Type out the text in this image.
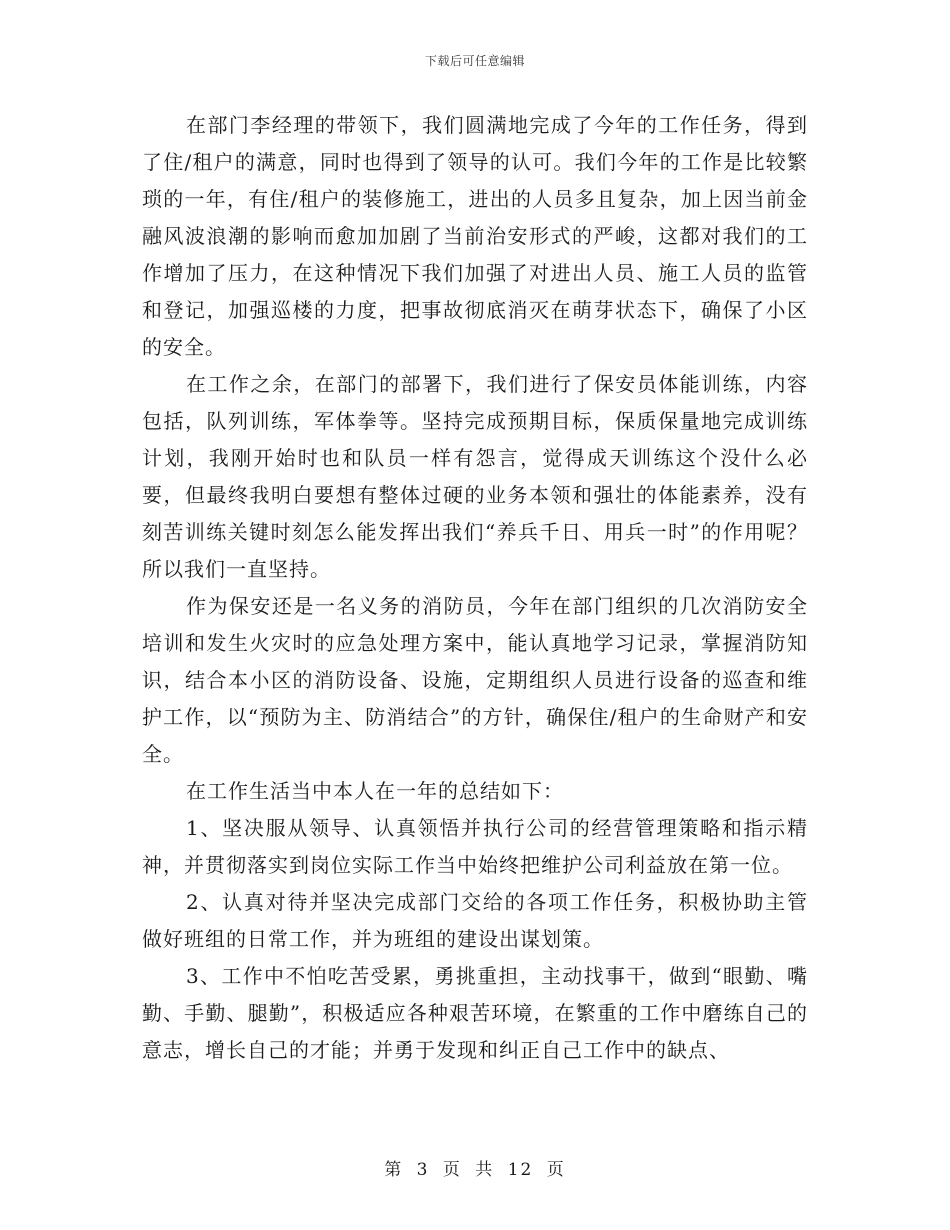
下载后可任意编辑

在部门李经理的带领下，我们圆满地完成了今年的工作任务，得到了住/租户的满意，同时也得到了领导的认可。我们今年的工作是比较繁琐的一年，有住/租户的装修施工，进出的人员多且复杂，加上因当前金融风波浪潮的影响而愈加加剧了当前治安形式的严峻，这都对我们的工作增加了压力，在这种情况下我们加强了对进出人员、施工人员的监管和登记，加强巡楼的力度，把事故彻底消灭在萌芽状态下，确保了小区的安全。

在工作之余，在部门的部署下，我们进行了保安员体能训练，内容包括，队列训练，军体拳等。坚持完成预期目标，保质保量地完成训练计划，我刚开始时也和队员一样有怨言，觉得成天训练这个没什么必要，但最终我明白要想有整体过硬的业务本领和强壮的体能素养，没有刻苦训练关键时刻怎么能发挥出我们“养兵千日、用兵一时”的作用呢？所以我们一直坚持。

作为保安还是一名义务的消防员，今年在部门组织的几次消防安全培训和发生火灾时的应急处理方案中，能认真地学习记录，掌握消防知识，结合本小区的消防设备、设施，定期组织人员进行设备的巡查和维护工作，以“预防为主、防消结合”的方针，确保住/租户的生命财产和安全。

在工作生活当中本人在一年的总结如下：

1、坚决服从领导、认真领悟并执行公司的经营管理策略和指示精神，并贯彻落实到岗位实际工作当中始终把维护公司利益放在第一位。

2、认真对待并坚决完成部门交给的各项工作任务，积极协助主管做好班组的日常工作，并为班组的建设出谋划策。

3、工作中不怕吃苦受累，勇挑重担，主动找事干，做到“眼勤、嘴勤、手勤、腿勤”，积极适应各种艰苦环境，在繁重的工作中磨练自己的意志，增长自己的才能；并勇于发现和纠正自己工作中的缺点、

第 3 页 共 12 页
